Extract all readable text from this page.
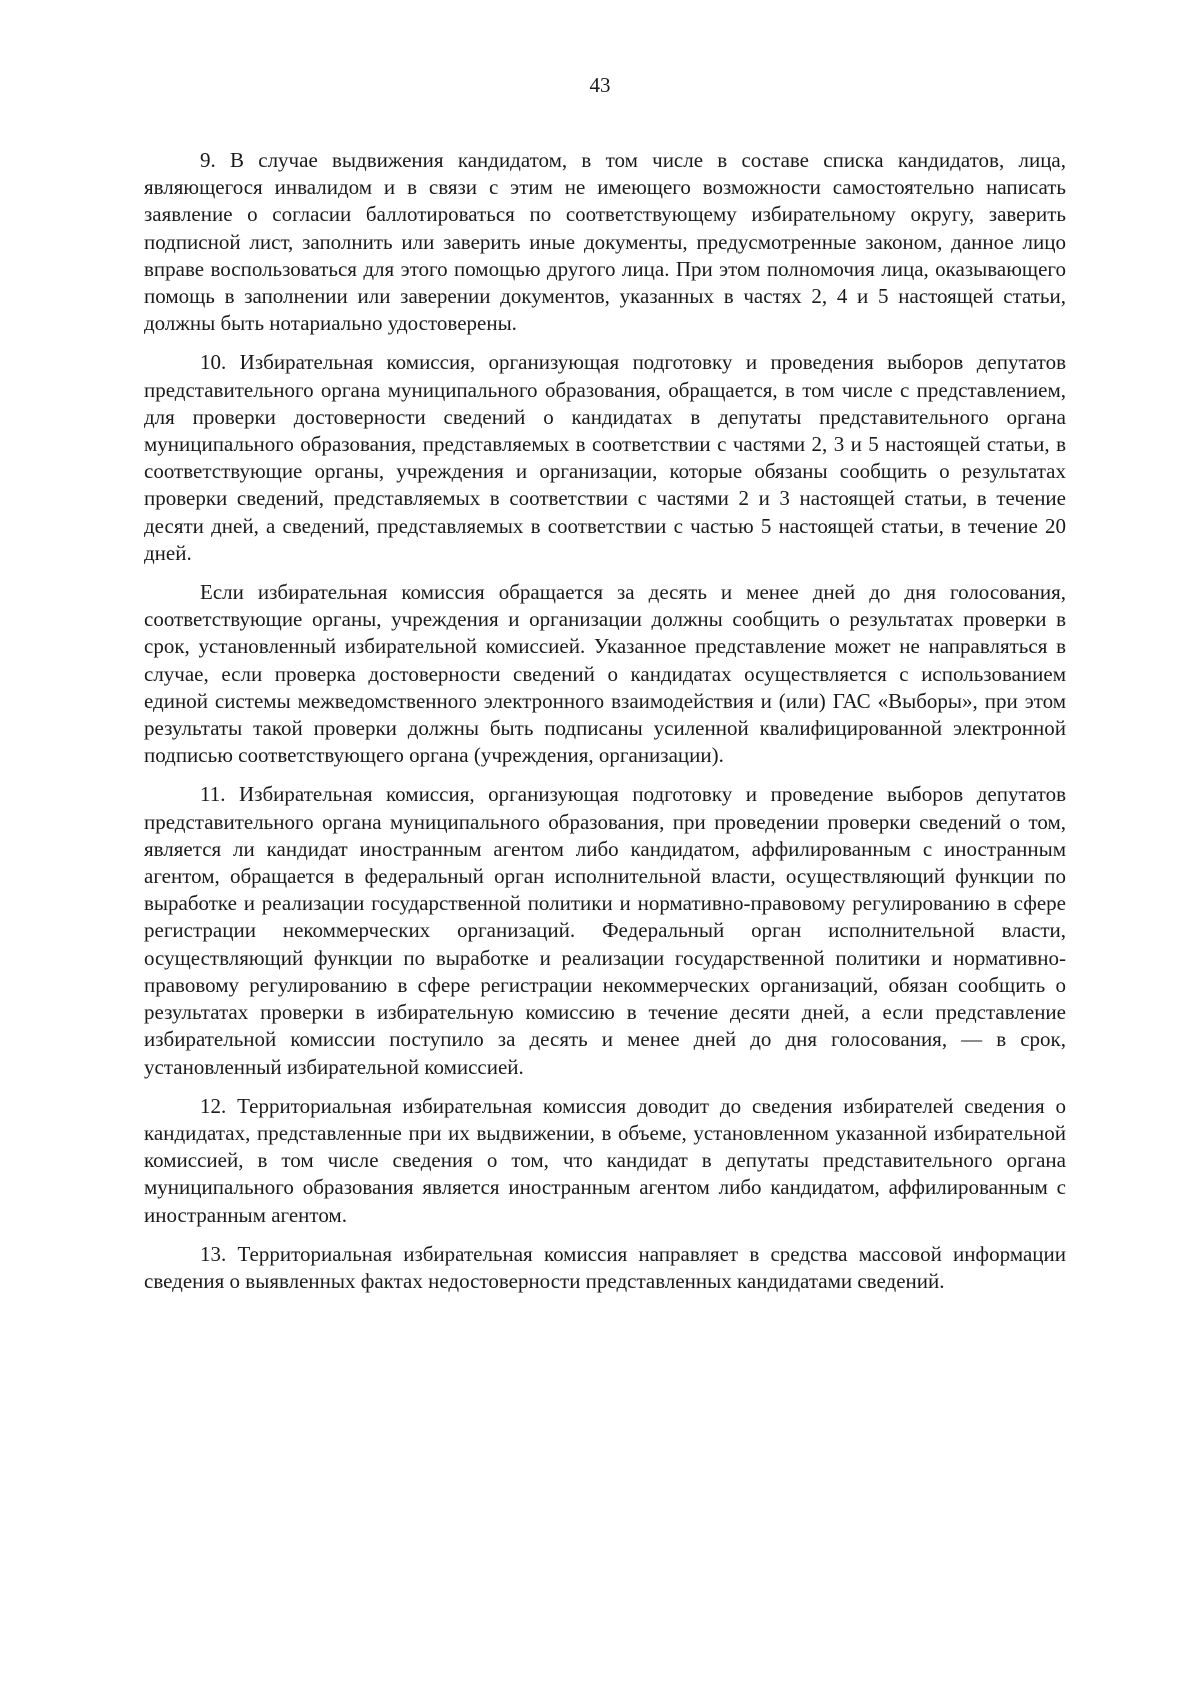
43

9. В случае выдвижения кандидатом, в том числе в составе списка кандидатов, лица, являющегося инвалидом и в связи с этим не имеющего возможности самостоятельно написать заявление о согласии баллотироваться по соответствующему избирательному округу, заверить подписной лист, заполнить или заверить иные документы, предусмотренные законом, данное лицо вправе воспользоваться для этого помощью другого лица. При этом полномочия лица, оказывающего помощь в заполнении или заверении документов, указанных в частях 2, 4 и 5 настоящей статьи, должны быть нотариально удостоверены.

10. Избирательная комиссия, организующая подготовку и проведения выборов депутатов представительного органа муниципального образования, обращается, в том числе с представлением, для проверки достоверности сведений о кандидатах в депутаты представительного органа муниципального образования, представляемых в соответствии с частями 2, 3 и 5 настоящей статьи, в соответствующие органы, учреждения и организации, которые обязаны сообщить о результатах проверки сведений, представляемых в соответствии с частями 2 и 3 настоящей статьи, в течение десяти дней, а сведений, представляемых в соответствии с частью 5 настоящей статьи, в течение 20 дней.

Если избирательная комиссия обращается за десять и менее дней до дня голосования, соответствующие органы, учреждения и организации должны сообщить о результатах проверки в срок, установленный избирательной комиссией. Указанное представление может не направляться в случае, если проверка достоверности сведений о кандидатах осуществляется с использованием единой системы межведомственного электронного взаимодействия и (или) ГАС «Выборы», при этом результаты такой проверки должны быть подписаны усиленной квалифицированной электронной подписью соответствующего органа (учреждения, организации).

11. Избирательная комиссия, организующая подготовку и проведение выборов депутатов представительного органа муниципального образования, при проведении проверки сведений о том, является ли кандидат иностранным агентом либо кандидатом, аффилированным с иностранным агентом, обращается в федеральный орган исполнительной власти, осуществляющий функции по выработке и реализации государственной политики и нормативно-правовому регулированию в сфере регистрации некоммерческих организаций. Федеральный орган исполнительной власти, осуществляющий функции по выработке и реализации государственной политики и нормативно-правовому регулированию в сфере регистрации некоммерческих организаций, обязан сообщить о результатах проверки в избирательную комиссию в течение десяти дней, а если представление избирательной комиссии поступило за десять и менее дней до дня голосования, — в срок, установленный избирательной комиссией.

12. Территориальная избирательная комиссия доводит до сведения избирателей сведения о кандидатах, представленные при их выдвижении, в объеме, установленном указанной избирательной комиссией, в том числе сведения о том, что кандидат в депутаты представительного органа муниципального образования является иностранным агентом либо кандидатом, аффилированным с иностранным агентом.

13. Территориальная избирательная комиссия направляет в средства массовой информации сведения о выявленных фактах недостоверности представленных кандидатами сведений.
